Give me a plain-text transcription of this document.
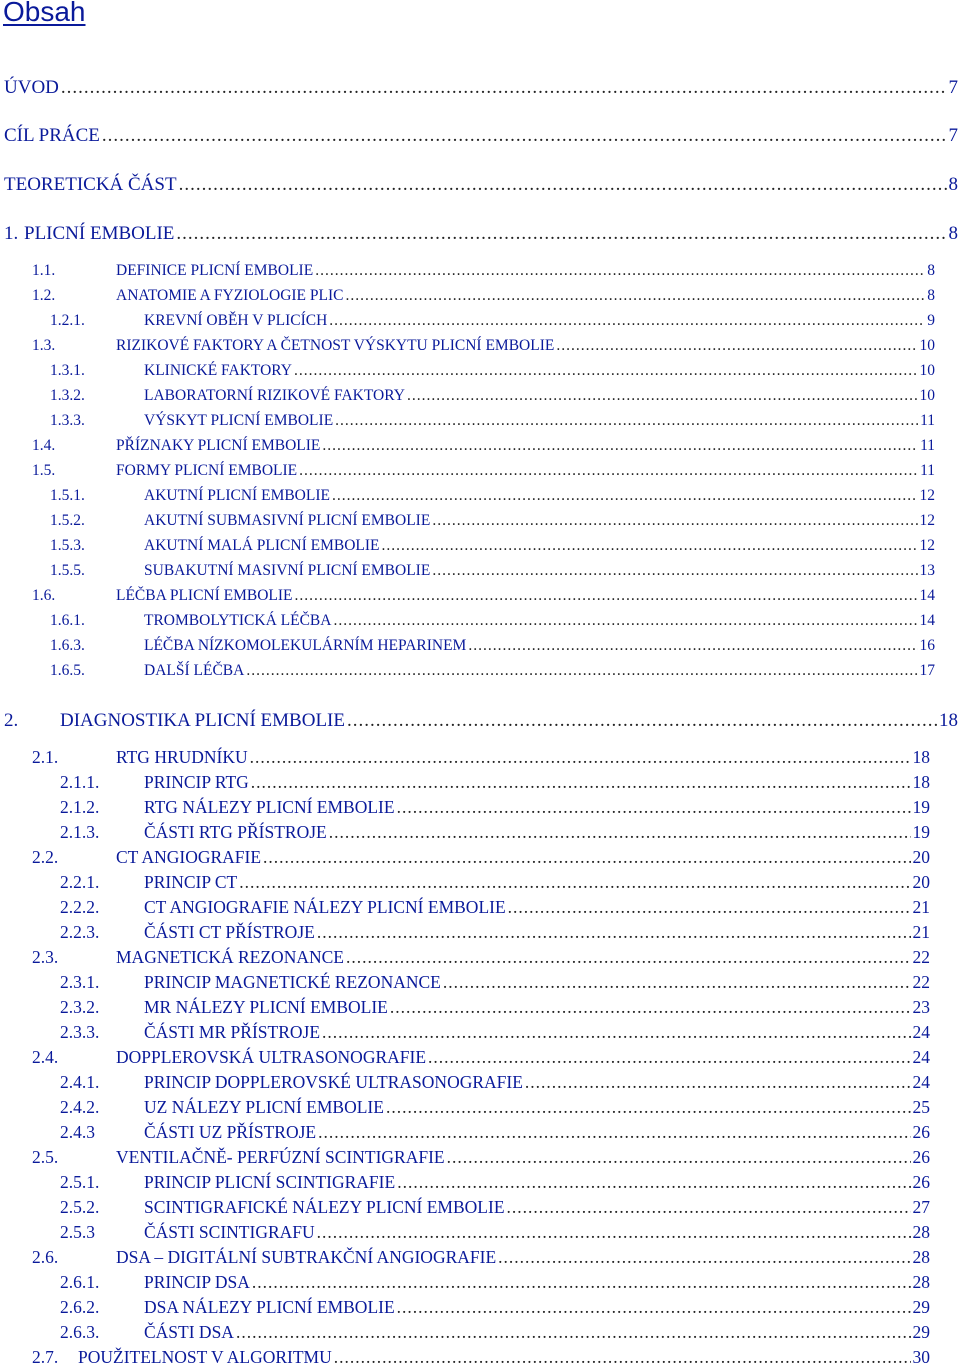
Obsah
ÚVOD .....	7
CÍL PRÁCE .....	7
TEORETICKÁ ČÁST .....	8
1. PLICNÍ EMBOLIE .....	8
1.1.	DEFINICE PLICNÍ EMBOLIE .....	8
1.2.	ANATOMIE A FYZIOLOGIE PLIC .....	8
1.2.1.	KREVNÍ OBĚH V PLICÍCH .....	9
1.3.	RIZIKOVÉ FAKTORY A ČETNOST VÝSKYTU PLICNÍ EMBOLIE .....	10
1.3.1.	KLINICKÉ FAKTORY .....	10
1.3.2.	LABORATORNÍ RIZIKOVÉ FAKTORY .....	10
1.3.3.	VÝSKYT PLICNÍ EMBOLIE .....	11
1.4.	PŘÍZNAKY PLICNÍ EMBOLIE .....	11
1.5.	FORMY PLICNÍ EMBOLIE .....	11
1.5.1.	AKUTNÍ PLICNÍ EMBOLIE .....	12
1.5.2.	AKUTNÍ SUBMASIVNÍ PLICNÍ EMBOLIE .....	12
1.5.3.	AKUTNÍ MALÁ PLICNÍ EMBOLIE .....	12
1.5.5.	SUBAKUTNÍ MASIVNÍ PLICNÍ EMBOLIE .....	13
1.6.	LÉČBA PLICNÍ EMBOLIE .....	14
1.6.1.	TROMBOLYTICKÁ LÉČBA .....	14
1.6.3.	LÉČBA NÍZKOMOLEKULÁRNÍM HEPARINEM .....	16
1.6.5.	DALŠÍ LÉČBA .....	17
2.	DIAGNOSTIKA PLICNÍ EMBOLIE .....	18
2.1.	RTG HRUDNÍKU .....	18
2.1.1.	PRINCIP RTG .....	18
2.1.2.	RTG NÁLEZY PLICNÍ EMBOLIE .....	19
2.1.3.	ČÁSTI RTG PŘÍSTROJE .....	19
2.2.	CT ANGIOGRAFIE .....	20
2.2.1.	PRINCIP CT .....	20
2.2.2.	CT ANGIOGRAFIE NÁLEZY PLICNÍ EMBOLIE .....	21
2.2.3.	ČÁSTI CT PŘÍSTROJE .....	21
2.3.	MAGNETICKÁ REZONANCE .....	22
2.3.1.	PRINCIP MAGNETICKÉ REZONANCE .....	22
2.3.2.	MR NÁLEZY PLICNÍ EMBOLIE .....	23
2.3.3.	ČÁSTI MR PŘÍSTROJE .....	24
2.4.	DOPPLEROVSKÁ ULTRASONOGRAFIE .....	24
2.4.1.	PRINCIP DOPPLEROVSKÉ ULTRASONOGRAFIE .....	24
2.4.2.	UZ NÁLEZY PLICNÍ EMBOLIE .....	25
2.4.3	ČÁSTI UZ PŘÍSTROJE .....	26
2.5.	VENTILAČNĚ- PERFÚZNÍ SCINTIGRAFIE .....	26
2.5.1.	PRINCIP PLICNÍ SCINTIGRAFIE .....	26
2.5.2.	SCINTIGRAFICKÉ NÁLEZY PLICNÍ EMBOLIE .....	27
2.5.3	ČÁSTI SCINTIGRAFU .....	28
2.6.	DSA – DIGITÁLNÍ SUBTRAKČNÍ ANGIOGRAFIE .....	28
2.6.1.	PRINCIP DSA .....	28
2.6.2.	DSA NÁLEZY PLICNÍ EMBOLIE .....	29
2.6.3.	ČÁSTI DSA .....	29
2.7.	POUŽITELNOST V ALGORITMU .....	30
